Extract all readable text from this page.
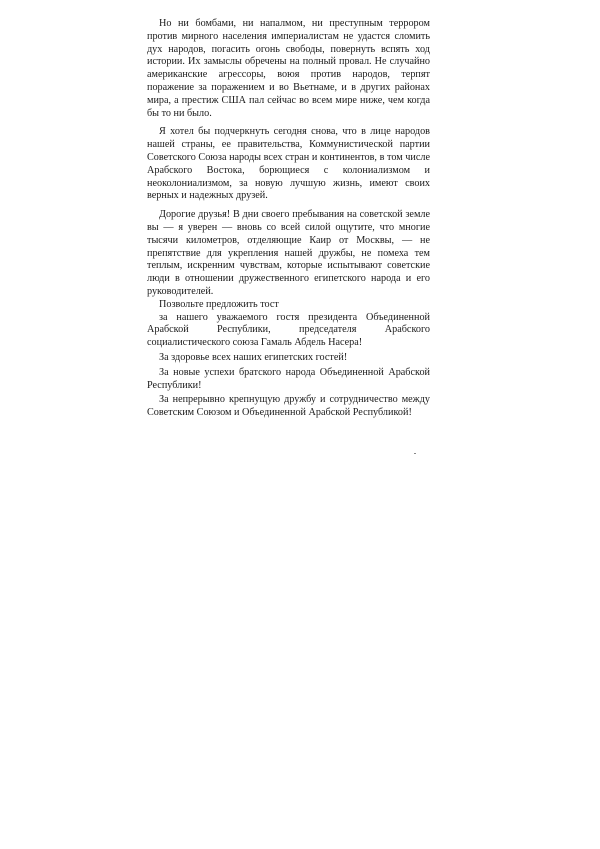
Но ни бомбами, ни напалмом, ни преступным террором против мирного населения империалистам не удастся сломить дух народов, погасить огонь свободы, повернуть вспять ход истории. Их замыслы обречены на полный провал. Не случайно американские агрессоры, воюя против народов, терпят поражение за поражением и во Вьетнаме, и в других районах мира, а престиж США пал сейчас во всем мире ниже, чем когда бы то ни было.

Я хотел бы подчеркнуть сегодня снова, что в лице народов нашей страны, ее правительства, Коммунистической партии Советского Союза народы всех стран и континентов, в том числе Арабского Востока, борющиеся с колониализмом и неоколониализмом, за новую лучшую жизнь, имеют своих верных и надежных друзей.

Дорогие друзья! В дни своего пребывания на советской земле вы — я уверен — вновь со всей силой ощутите, что многие тысячи километров, отделяющие Каир от Москвы, — не препятствие для укрепления нашей дружбы, не помеха тем теплым, искренним чувствам, которые испытывают советские люди в отношении дружественного египетского народа и его руководителей.

Позвольте предложить тост

за нашего уважаемого гостя президента Объединенной Арабской Республики, председателя Арабского социалистического союза Гамаль Абдель Насера!

За здоровье всех наших египетских гостей!

За новые успехи братского народа Объединенной Арабской Республики!

За непрерывно крепнущую дружбу и сотрудничество между Советским Союзом и Объединенной Арабской Республикой!
